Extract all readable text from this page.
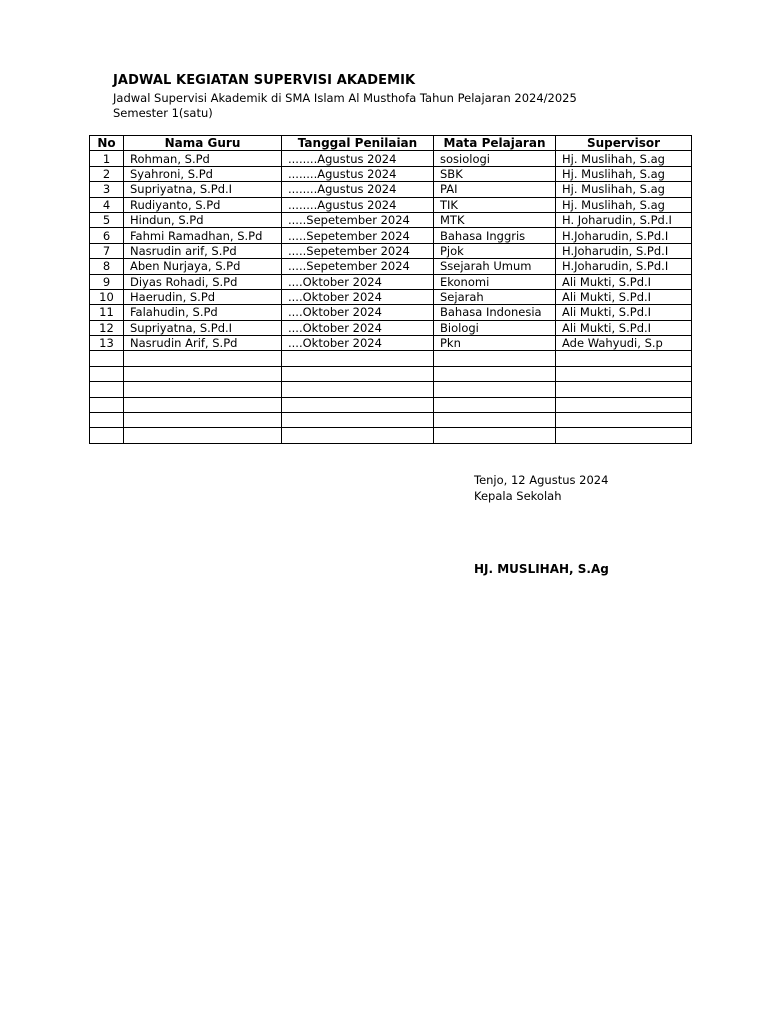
JADWAL KEGIATAN SUPERVISI AKADEMIK
Jadwal Supervisi Akademik di SMA Islam Al Musthofa Tahun Pelajaran 2024/2025
Semester 1(satu)
No	Nama Guru	Tanggal Penilaian	Mata Pelajaran	Supervisor
1	Rohman, S.Pd	........Agustus 2024	sosiologi	Hj. Muslihah, S.ag
2	Syahroni, S.Pd	........Agustus 2024	SBK	Hj. Muslihah, S.ag
3	Supriyatna, S.Pd.I	........Agustus 2024	PAI	Hj. Muslihah, S.ag
4	Rudiyanto, S.Pd	........Agustus 2024	TIK	Hj. Muslihah, S.ag
5	Hindun, S.Pd	.....Sepetember 2024	MTK	H. Joharudin, S.Pd.I
6	Fahmi Ramadhan, S.Pd	.....Sepetember 2024	Bahasa Inggris	H.Joharudin, S.Pd.I
7	Nasrudin arif, S.Pd	.....Sepetember 2024	Pjok	H.Joharudin, S.Pd.I
8	Aben Nurjaya, S.Pd	.....Sepetember 2024	Ssejarah Umum	H.Joharudin, S.Pd.I
9	Diyas Rohadi, S.Pd	....Oktober 2024	Ekonomi	Ali Mukti, S.Pd.I
10	Haerudin, S.Pd	....Oktober 2024	Sejarah	Ali Mukti, S.Pd.I
11	Falahudin, S.Pd	....Oktober 2024	Bahasa Indonesia	Ali Mukti, S.Pd.I
12	Supriyatna, S.Pd.I	....Oktober 2024	Biologi	Ali Mukti, S.Pd.I
13	Nasrudin Arif, S.Pd	....Oktober 2024	Pkn	Ade Wahyudi, S.p

Tenjo, 12 Agustus 2024
Kepala Sekolah
HJ. MUSLIHAH, S.Ag
